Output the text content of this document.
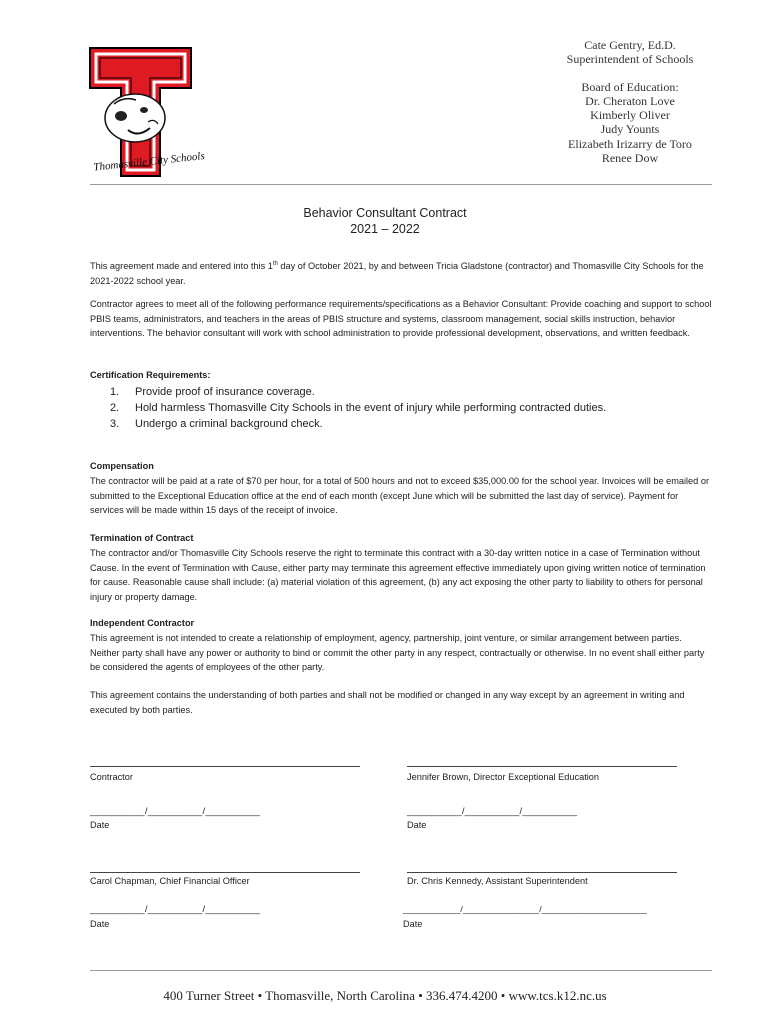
Thomasville City Schools
Cate Gentry, Ed.D.
Superintendent of Schools
Board of Education:
Dr. Cheraton Love
Kimberly Oliver
Judy Younts
Elizabeth Irizarry de Toro
Renee Dow
Behavior Consultant Contract
2021 – 2022
This agreement made and entered into this 1th day of October 2021, by and between Tricia Gladstone (contractor) and Thomasville City Schools for the 2021-2022 school year.
Contractor agrees to meet all of the following performance requirements/specifications as a Behavior Consultant: Provide coaching and support to school PBIS teams, administrators, and teachers in the areas of PBIS structure and systems, classroom management, social skills instruction, behavior interventions. The behavior consultant will work with school administration to provide professional development, observations, and written feedback.
Certification Requirements:
1.	Provide proof of insurance coverage.
2.	Hold harmless Thomasville City Schools in the event of injury while performing contracted duties.
3.	Undergo a criminal background check.
Compensation
The contractor will be paid at a rate of $70 per hour, for a total of 500 hours and not to exceed $35,000.00 for the school year. Invoices will be emailed or submitted to the Exceptional Education office at the end of each month (except June which will be submitted the last day of service). Payment for services will be made within 15 days of the receipt of invoice.
Termination of Contract
The contractor and/or Thomasville City Schools reserve the right to terminate this contract with a 30-day written notice in a case of Termination without Cause. In the event of Termination with Cause, either party may terminate this agreement effective immediately upon giving written notice of termination for cause. Reasonable cause shall include: (a) material violation of this agreement, (b) any act exposing the other party to liability to others for personal injury or property damage.
Independent Contractor
This agreement is not intended to create a relationship of employment, agency, partnership, joint venture, or similar arrangement between parties. Neither party shall have any power or authority to bind or commit the other party in any respect, contractually or otherwise. In no event shall either party be considered the agents of employees of the other party.
This agreement contains the understanding of both parties and shall not be modified or changed in any way except by an agreement in writing and executed by both parties.
Contractor	Jennifer Brown, Director Exceptional Education
__________/__________/__________	__________/__________/__________
Date	Date
Carol Chapman, Chief Financial Officer	Dr. Chris Kennedy, Assistant Superintendent
__________/__________/__________	____________/________________/______________________
Date	Date
400 Turner Street • Thomasville, North Carolina • 336.474.4200 • www.tcs.k12.nc.us
